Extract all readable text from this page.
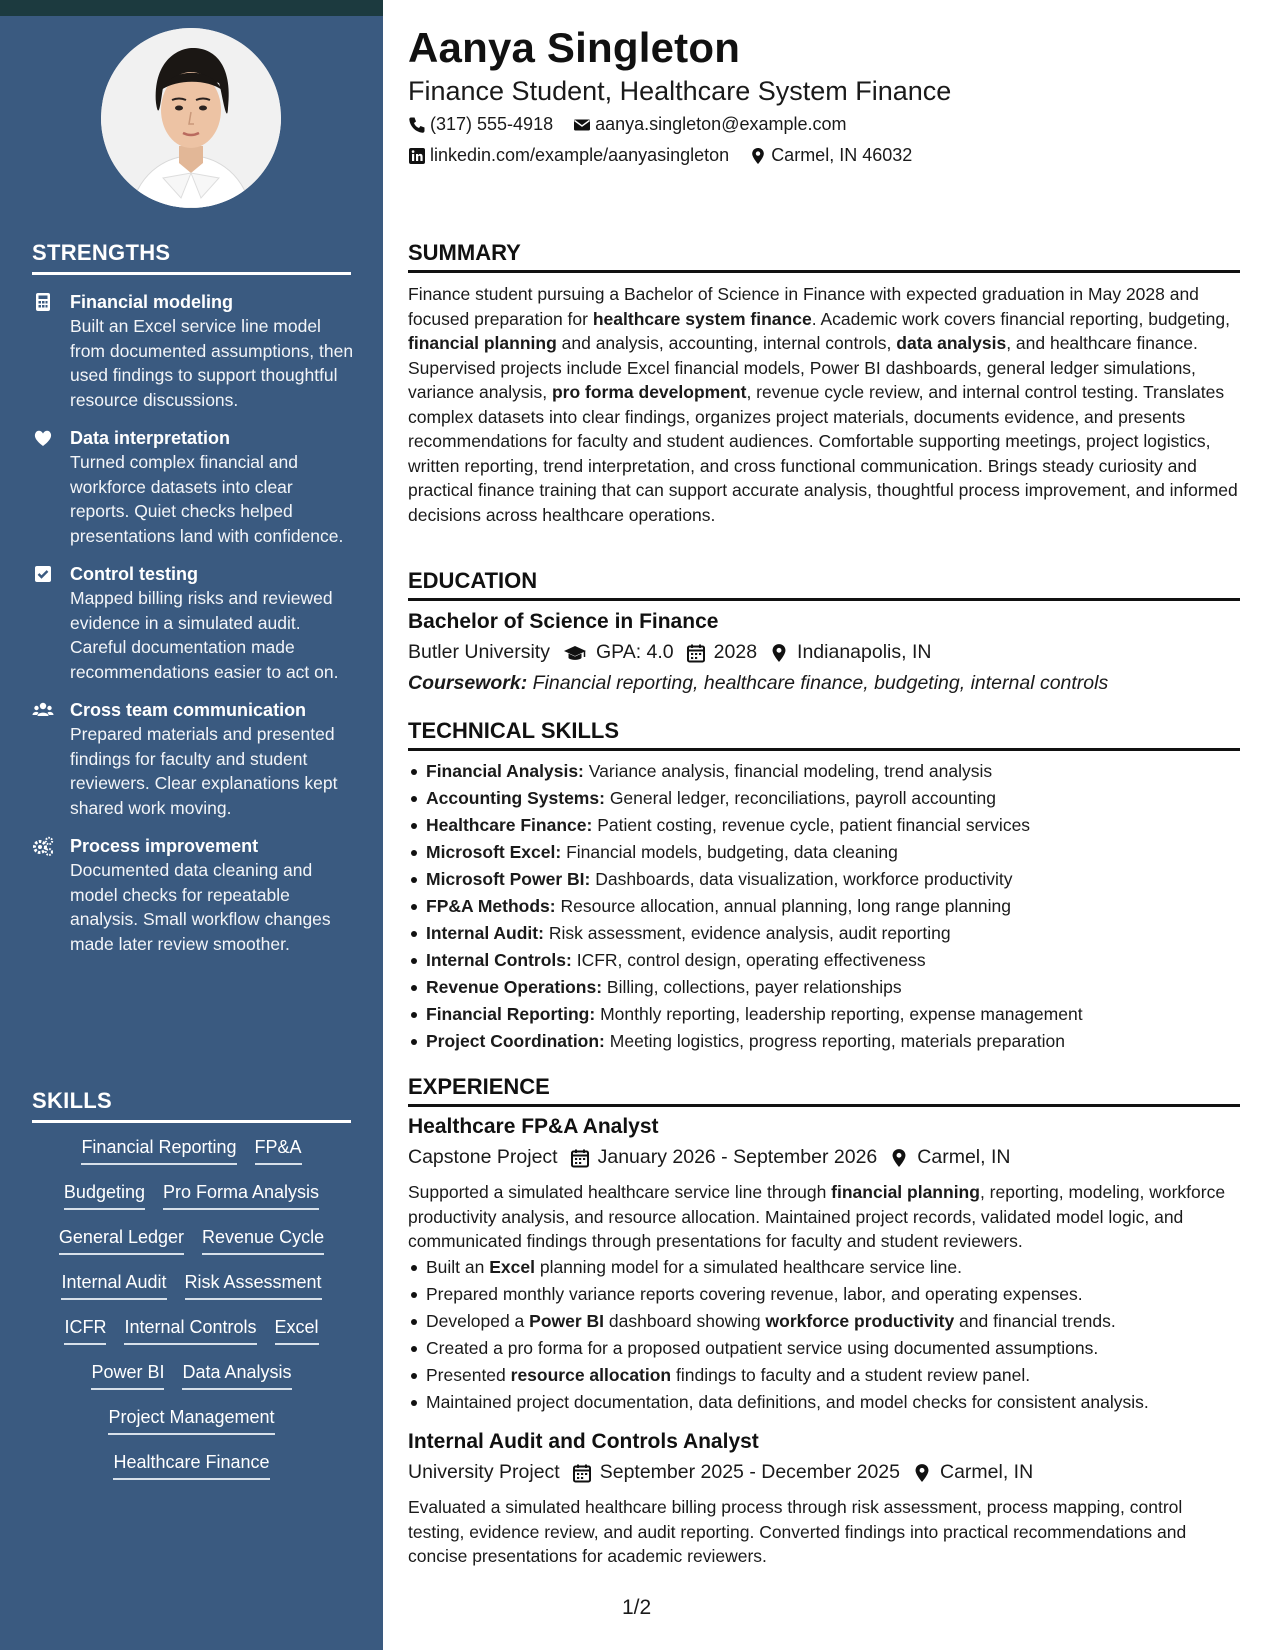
STRENGTHS
Financial modeling
Built an Excel service line model from documented assumptions, then used findings to support thoughtful resource discussions.
Data interpretation
Turned complex financial and workforce datasets into clear reports. Quiet checks helped presentations land with confidence.
Control testing
Mapped billing risks and reviewed evidence in a simulated audit. Careful documentation made recommendations easier to act on.
Cross team communication
Prepared materials and presented findings for faculty and student reviewers. Clear explanations kept shared work moving.
Process improvement
Documented data cleaning and model checks for repeatable analysis. Small workflow changes made later review smoother.
SKILLS
Financial Reporting FP&A
Budgeting Pro Forma Analysis
General Ledger Revenue Cycle
Internal Audit Risk Assessment
ICFR Internal Controls Excel
Power BI Data Analysis
Project Management
Healthcare Finance
Aanya Singleton
Finance Student, Healthcare System Finance
(317) 555-4918 aanya.singleton@example.com
linkedin.com/example/aanyasingleton Carmel, IN 46032
SUMMARY

Finance student pursuing a Bachelor of Science in Finance with expected graduation in May 2028 and focused preparation for healthcare system finance. Academic work covers financial reporting, budgeting, financial planning and analysis, accounting, internal controls, data analysis, and healthcare finance. Supervised projects include Excel financial models, Power BI dashboards, general ledger simulations, variance analysis, pro forma development, revenue cycle review, and internal control testing. Translates complex datasets into clear findings, organizes project materials, documents evidence, and presents recommendations for faculty and student audiences. Comfortable supporting meetings, project logistics, written reporting, trend interpretation, and cross functional communication. Brings steady curiosity and practical finance training that can support accurate analysis, thoughtful process improvement, and informed decisions across healthcare operations.

EDUCATION
Bachelor of Science in Finance
Butler University GPA: 4.0 2028 Indianapolis, IN
Coursework: Financial reporting, healthcare finance, budgeting, internal controls
TECHNICAL SKILLS
Financial Analysis: Variance analysis, financial modeling, trend analysis
Accounting Systems: General ledger, reconciliations, payroll accounting
Healthcare Finance: Patient costing, revenue cycle, patient financial services
Microsoft Excel: Financial models, budgeting, data cleaning
Microsoft Power BI: Dashboards, data visualization, workforce productivity
FP&A Methods: Resource allocation, annual planning, long range planning
Internal Audit: Risk assessment, evidence analysis, audit reporting
Internal Controls: ICFR, control design, operating effectiveness
Revenue Operations: Billing, collections, payer relationships
Financial Reporting: Monthly reporting, leadership reporting, expense management
Project Coordination: Meeting logistics, progress reporting, materials preparation
EXPERIENCE
Healthcare FP&A Analyst
Capstone Project January 2026 - September 2026 Carmel, IN

Supported a simulated healthcare service line through financial planning, reporting, modeling, workforce productivity analysis, and resource allocation. Maintained project records, validated model logic, and communicated findings through presentations for faculty and student reviewers.

Built an Excel planning model for a simulated healthcare service line.
Prepared monthly variance reports covering revenue, labor, and operating expenses.
Developed a Power BI dashboard showing workforce productivity and financial trends.
Created a pro forma for a proposed outpatient service using documented assumptions.
Presented resource allocation findings to faculty and a student review panel.
Maintained project documentation, data definitions, and model checks for consistent analysis.
Internal Audit and Controls Analyst
University Project September 2025 - December 2025 Carmel, IN

Evaluated a simulated healthcare billing process through risk assessment, process mapping, control testing, evidence review, and audit reporting. Converted findings into practical recommendations and concise presentations for academic reviewers.

1/2
